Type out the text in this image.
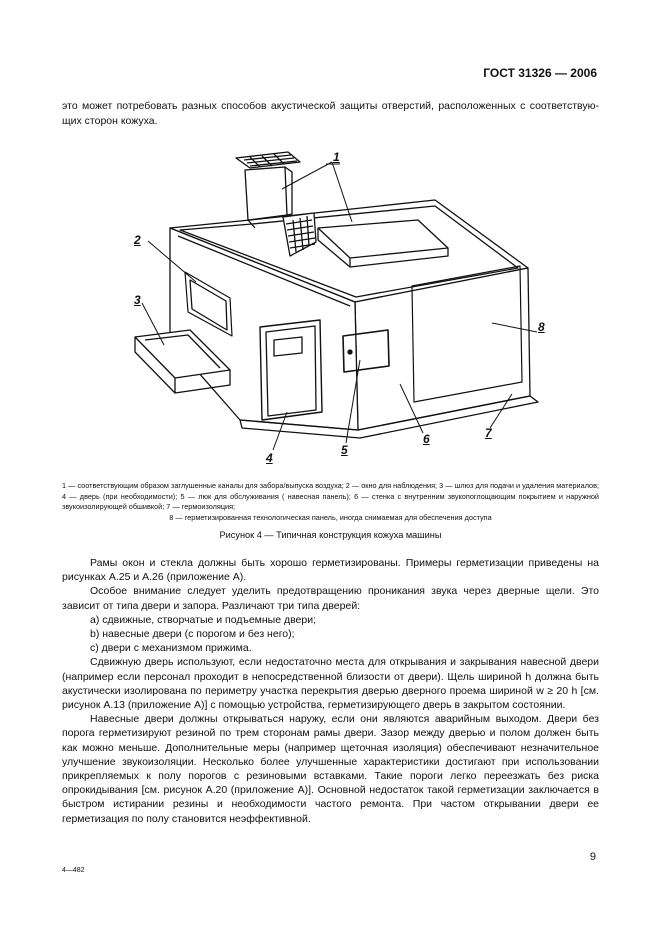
ГОСТ 31326 — 2006
это может потребовать разных способов акустической защиты отверстий, расположенных с соответствую-щих сторон кожуха.
1
2
3
4
5
6	7
8
1 — соответствующим образом заглушенные каналы для забора/выпуска воздуха; 2 — окно для наблюдения; 3 — шлюз для подачи и удаления материалов; 4 — дверь (при необходимости); 5 — люк для обслуживания ( навесная панель); 6 — стенка с внутренним звукопоглощающим покрытием и наружной звукоизолирующей обшивкой; 7 — гермоизоляция;
8 — герметизированная технологическая панель, иногда снимаемая для обеспечения доступа
Рисунок 4 — Типичная конструкция кожуха машины

Рамы окон и стекла должны быть хорошо герметизированы. Примеры герметизации приведены на рисунках А.25 и А.26 (приложение А).

Особое внимание следует уделить предотвращению проникания звука через дверные щели. Это зависит от типа двери и запора. Различают три типа дверей:

а) сдвижные, створчатые и подъемные двери;

b) навесные двери (с порогом и без него);

с) двери с механизмом прижима.

Сдвижную дверь используют, если недостаточно места для открывания и закрывания навесной двери (например если персонал проходит в непосредственной близости от двери). Щель шириной h должна быть акустически изолирована по периметру участка перекрытия дверью дверного проема шириной w ≥ 20 h [см. рисунок А.13 (приложение А)] с помощью устройства, герметизирующего дверь в закрытом состоянии.

Навесные двери должны открываться наружу, если они являются аварийным выходом. Двери без порога герметизируют резиной по трем сторонам рамы двери. Зазор между дверью и полом должен быть как можно меньше. Дополнительные меры (например щеточная изоляция) обеспечивают незначительное улучшение звукоизоляции. Несколько более улучшенные характеристики достигают при использовании прикрепляемых к полу порогов с резиновыми вставками. Такие пороги легко переезжать без риска опрокидывания [см. рисунок А.20 (приложение А)]. Основной недостаток такой герметизации заключается в быстром истирании резины и необходимости частого ремонта. При частом открывании двери ее герметизация по полу становится неэффективной.

4—482
9
